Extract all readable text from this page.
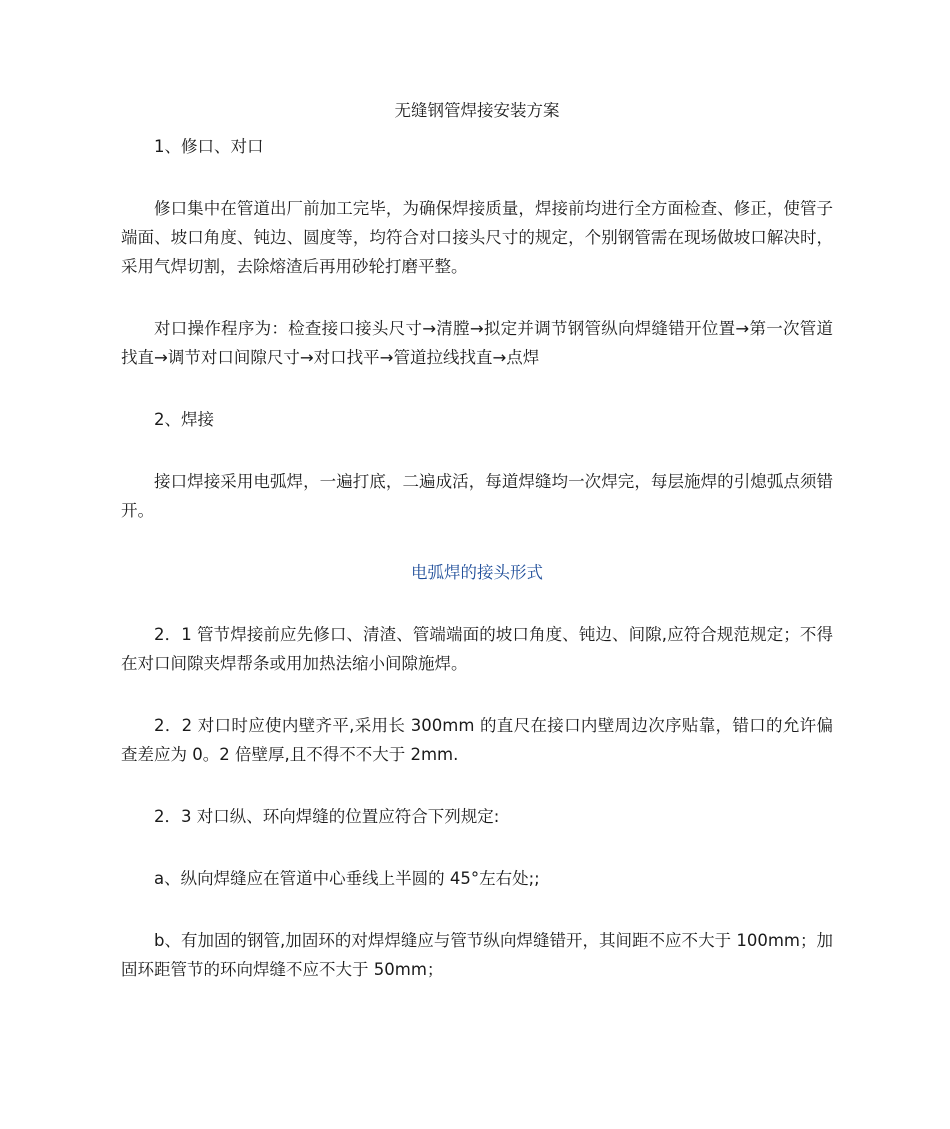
无缝钢管焊接安装方案

1、修口、对口

修口集中在管道出厂前加工完毕，为确保焊接质量，焊接前均进行全方面检查、修正，使管子端面、坡口角度、钝边、圆度等，均符合对口接头尺寸的规定，个别钢管需在现场做坡口解决时，采用气焊切割，去除熔渣后再用砂轮打磨平整。

对口操作程序为：检查接口接头尺寸→清膛→拟定并调节钢管纵向焊缝错开位置→第一次管道找直→调节对口间隙尺寸→对口找平→管道拉线找直→点焊

2、焊接

接口焊接采用电弧焊，一遍打底，二遍成活，每道焊缝均一次焊完，每层施焊的引熄弧点须错开。

电弧焊的接头形式

2．1 管节焊接前应先修口、清渣、管端端面的坡口角度、钝边、间隙,应符合规范规定；不得在对口间隙夹焊帮条或用加热法缩小间隙施焊。

2．2 对口时应使内壁齐平,采用长 300mm 的直尺在接口内壁周边次序贴靠，错口的允许偏查差应为 0。2 倍壁厚,且不得不不大于 2mm.

2．3 对口纵、环向焊缝的位置应符合下列规定:

a、纵向焊缝应在管道中心垂线上半圆的 45°左右处;;

b、有加固的钢管,加固环的对焊焊缝应与管节纵向焊缝错开，其间距不应不大于 100mm；加固环距管节的环向焊缝不应不大于 50mm；
